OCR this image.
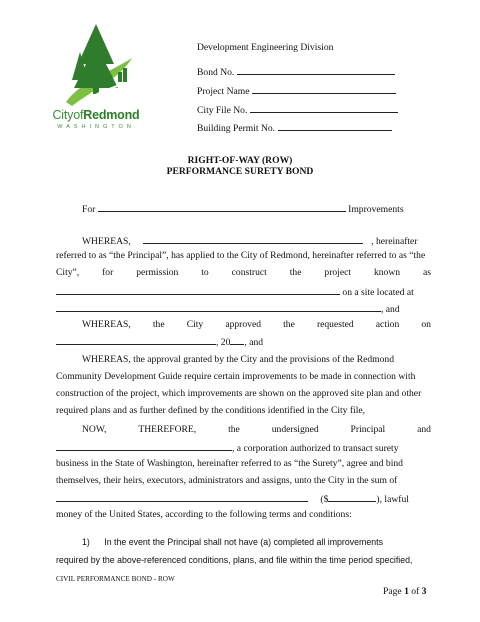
CityofRedmond
WASHINGTON
Development Engineering Division
Bond No.
Project Name
City File No.
Building Permit No.
RIGHT-OF-WAY (ROW)
PERFORMANCE SURETY BOND
For	Improvements
WHEREAS,	, hereinafter
referred to as “the Principal”, has applied to the City of Redmond, hereinafter referred to as “the
City”, for permission to construct the project known as
on a site located at
, and
WHEREAS, the City approved the requested action on
, 20 , and
WHEREAS, the approval granted by the City and the provisions of the Redmond
Community Development Guide require certain improvements to be made in connection with
construction of the project, which improvements are shown on the approved site plan and other
required plans and as further defined by the conditions identified in the City file,
NOW,	THEREFORE,	the	undersigned	Principal	and
, a corporation authorized to transact surety
business in the State of Washington, hereinafter referred to as “the Surety”, agree and bind
themselves, their heirs, executors, administrators and assigns, unto the City in the sum of
($	), lawful
money of the United States, according to the following terms and conditions:
1) In the event the Principal shall not have (a) completed all improvements
required by the above-referenced conditions, plans, and file within the time period specified,
CIVIL PERFORMANCE BOND - ROW
Page 1 of 3
